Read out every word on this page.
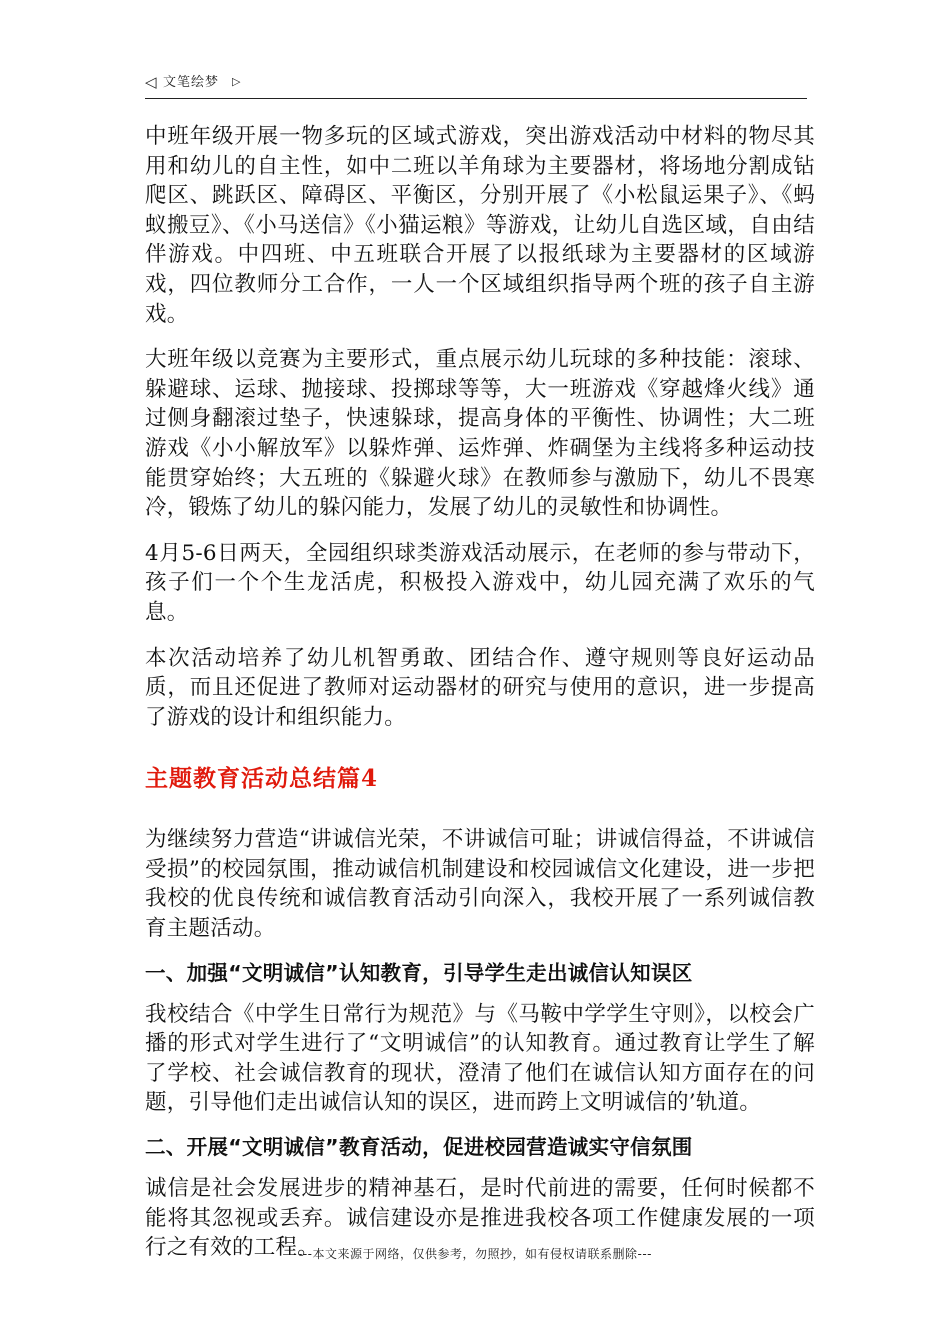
◁ 文笔绘梦 ▷

中班年级开展一物多玩的区域式游戏，突出游戏活动中材料的物尽其用和幼儿的自主性，如中二班以羊角球为主要器材，将场地分割成钻爬区、跳跃区、障碍区、平衡区，分别开展了《小松鼠运果子》、《蚂蚁搬豆》、《小马送信》《小猫运粮》等游戏，让幼儿自选区域，自由结伴游戏。中四班、中五班联合开展了以报纸球为主要器材的区域游戏，四位教师分工合作，一人一个区域组织指导两个班的孩子自主游戏。

大班年级以竞赛为主要形式，重点展示幼儿玩球的多种技能：滚球、躲避球、运球、抛接球、投掷球等等，大一班游戏《穿越烽火线》通过侧身翻滚过垫子，快速躲球，提高身体的平衡性、协调性；大二班游戏《小小解放军》以躲炸弹、运炸弹、炸碉堡为主线将多种运动技能贯穿始终；大五班的《躲避火球》在教师参与激励下，幼儿不畏寒冷，锻炼了幼儿的躲闪能力，发展了幼儿的灵敏性和协调性。

4月5-6日两天，全园组织球类游戏活动展示，在老师的参与带动下，孩子们一个个生龙活虎，积极投入游戏中，幼儿园充满了欢乐的气息。

本次活动培养了幼儿机智勇敢、团结合作、遵守规则等良好运动品质，而且还促进了教师对运动器材的研究与使用的意识，进一步提高了游戏的设计和组织能力。

主题教育活动总结篇4

为继续努力营造“讲诚信光荣，不讲诚信可耻；讲诚信得益，不讲诚信受损”的校园氛围，推动诚信机制建设和校园诚信文化建设，进一步把我校的优良传统和诚信教育活动引向深入，我校开展了一系列诚信教育主题活动。

一、加强“文明诚信”认知教育，引导学生走出诚信认知误区

我校结合《中学生日常行为规范》与《马鞍中学学生守则》，以校会广播的形式对学生进行了“文明诚信”的认知教育。通过教育让学生了解了学校、社会诚信教育的现状，澄清了他们在诚信认知方面存在的问题，引导他们走出诚信认知的误区，进而跨上文明诚信的’轨道。

二、开展“文明诚信”教育活动，促进校园营造诚实守信氛围

诚信是社会发展进步的精神基石，是时代前进的需要，任何时候都不能将其忽视或丢弃。诚信建设亦是推进我校各项工作健康发展的一项行之有效的工程。

---本文来源于网络，仅供参考，勿照抄，如有侵权请联系删除---
